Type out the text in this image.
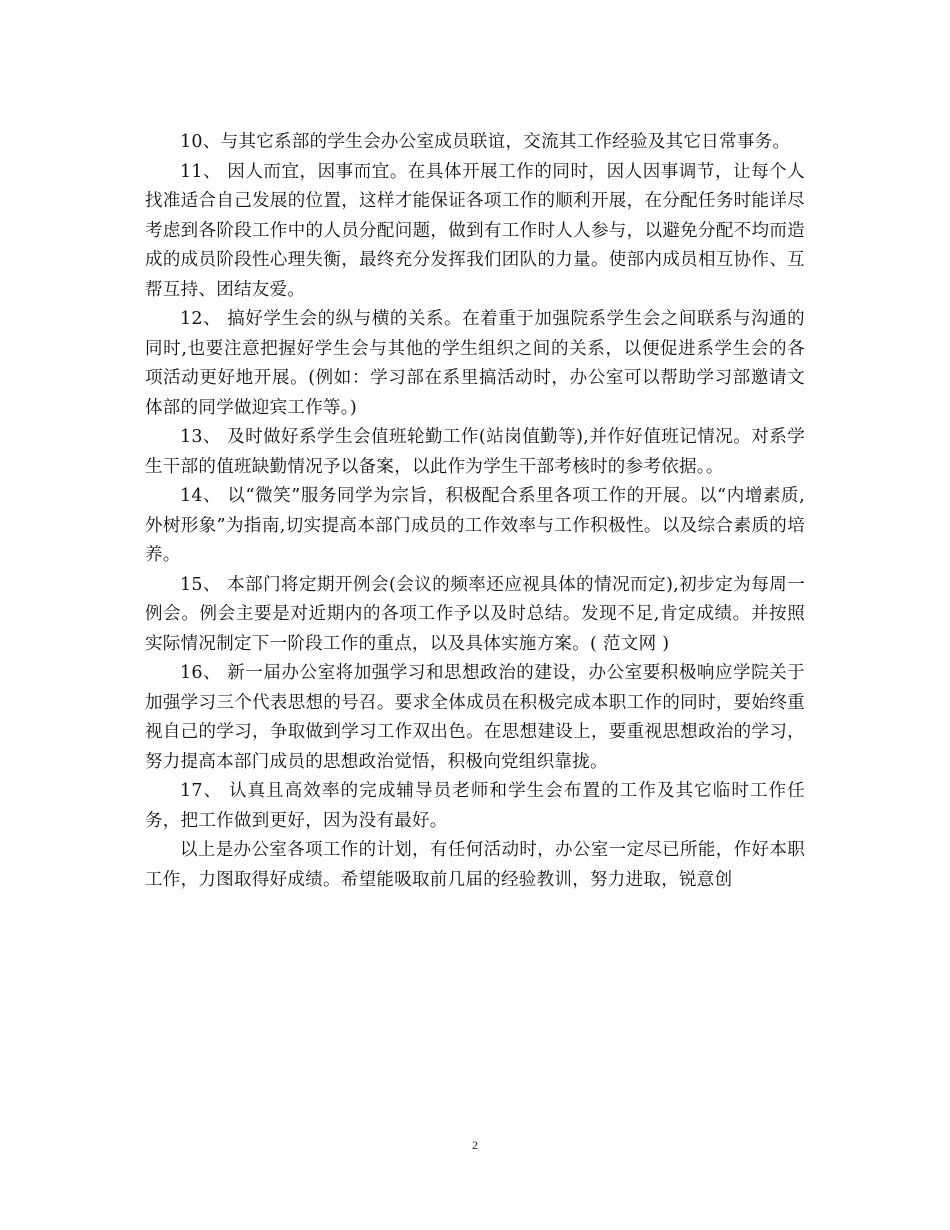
10、与其它系部的学生会办公室成员联谊，交流其工作经验及其它日常事务。

11、 因人而宜，因事而宜。在具体开展工作的同时，因人因事调节，让每个人找准适合自己发展的位置，这样才能保证各项工作的顺利开展，在分配任务时能详尽考虑到各阶段工作中的人员分配问题，做到有工作时人人参与，以避免分配不均而造成的成员阶段性心理失衡，最终充分发挥我们团队的力量。使部内成员相互协作、互帮互持、团结友爱。

12、 搞好学生会的纵与横的关系。在着重于加强院系学生会之间联系与沟通的同时,也要注意把握好学生会与其他的学生组织之间的关系，以便促进系学生会的各项活动更好地开展。(例如：学习部在系里搞活动时，办公室可以帮助学习部邀请文体部的同学做迎宾工作等。)

13、 及时做好系学生会值班轮勤工作(站岗值勤等),并作好值班记情况。对系学生干部的值班缺勤情况予以备案，以此作为学生干部考核时的参考依据。。

14、 以“微笑”服务同学为宗旨，积极配合系里各项工作的开展。以“内增素质,外树形象”为指南,切实提高本部门成员的工作效率与工作积极性。以及综合素质的培养。

15、 本部门将定期开例会(会议的频率还应视具体的情况而定),初步定为每周一例会。例会主要是对近期内的各项工作予以及时总结。发现不足,肯定成绩。并按照实际情况制定下一阶段工作的重点，以及具体实施方案。( 范文网 )

16、 新一届办公室将加强学习和思想政治的建设，办公室要积极响应学院关于加强学习三个代表思想的号召。要求全体成员在积极完成本职工作的同时，要始终重视自己的学习，争取做到学习工作双出色。在思想建设上，要重视思想政治的学习，努力提高本部门成员的思想政治觉悟，积极向党组织靠拢。

17、 认真且高效率的完成辅导员老师和学生会布置的工作及其它临时工作任务，把工作做到更好，因为没有最好。

以上是办公室各项工作的计划，有任何活动时，办公室一定尽已所能，作好本职工作，力图取得好成绩。希望能吸取前几届的经验教训，努力进取，锐意创

2
